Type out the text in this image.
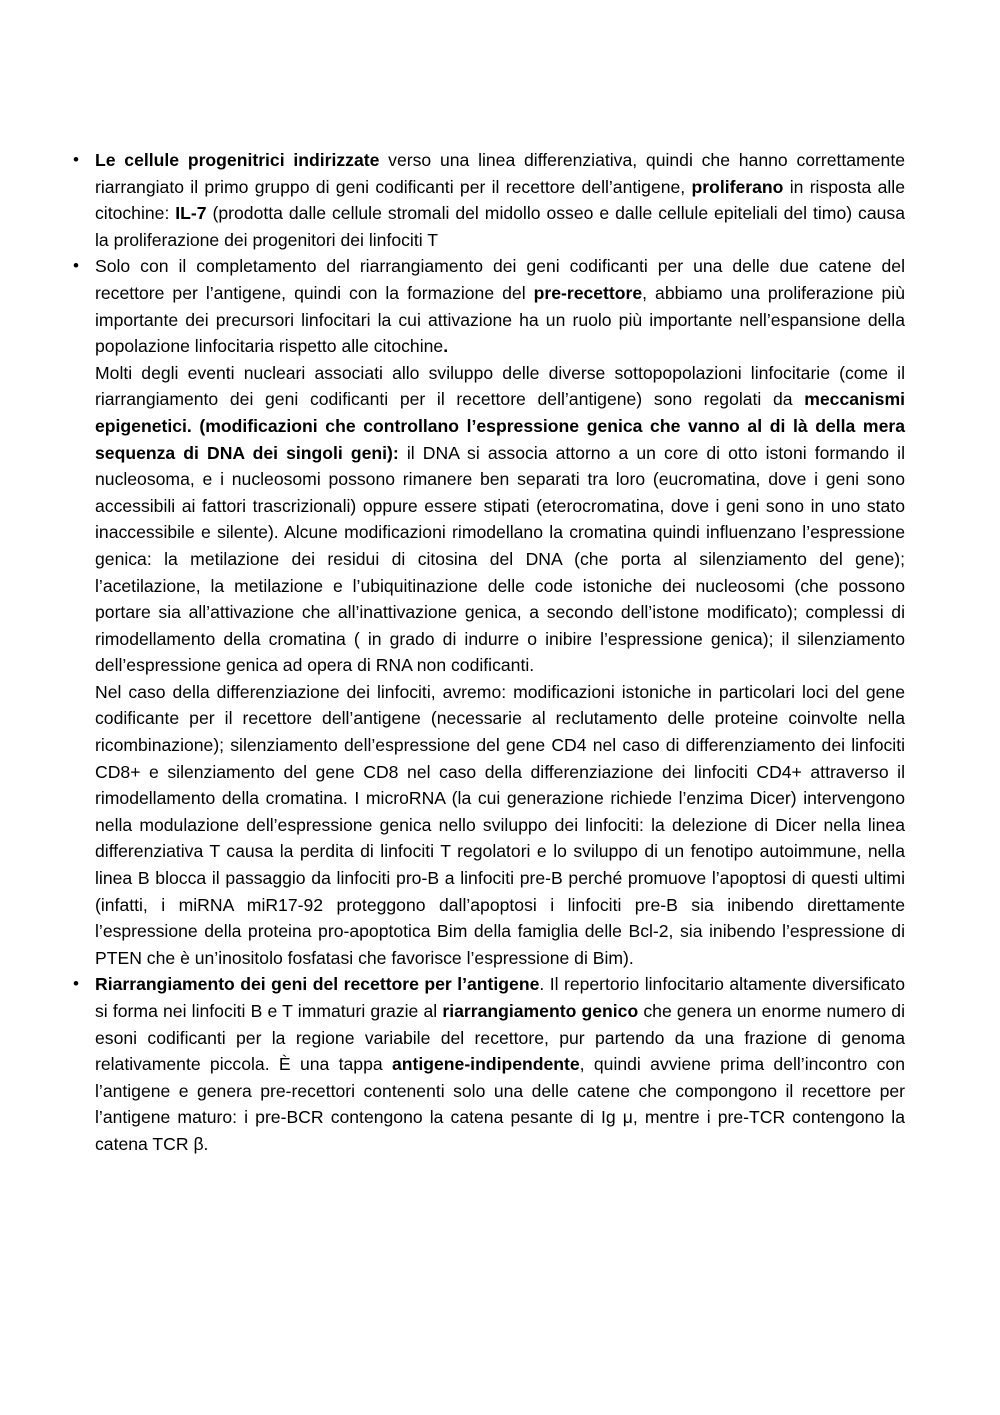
• Le cellule progenitrici indirizzate verso una linea differenziativa, quindi che hanno correttamente riarrangiato il primo gruppo di geni codificanti per il recettore dell’antigene, proliferano in risposta alle citochine: IL-7 (prodotta dalle cellule stromali del midollo osseo e dalle cellule epiteliali del timo) causa la proliferazione dei progenitori dei linfociti T

• Solo con il completamento del riarrangiamento dei geni codificanti per una delle due catene del recettore per l’antigene, quindi con la formazione del pre-recettore, abbiamo una proliferazione più importante dei precursori linfocitari la cui attivazione ha un ruolo più importante nell’espansione della popolazione linfocitaria rispetto alle citochine.

Molti degli eventi nucleari associati allo sviluppo delle diverse sottopopolazioni linfocitarie (come il riarrangiamento dei geni codificanti per il recettore dell’antigene) sono regolati da meccanismi epigenetici. (modificazioni che controllano l’espressione genica che vanno al di là della mera sequenza di DNA dei singoli geni): il DNA si associa attorno a un core di otto istoni formando il nucleosoma, e i nucleosomi possono rimanere ben separati tra loro (eucromatina, dove i geni sono accessibili ai fattori trascrizionali) oppure essere stipati (eterocromatina, dove i geni sono in uno stato inaccessibile e silente). Alcune modificazioni rimodellano la cromatina quindi influenzano l’espressione genica: la metilazione dei residui di citosina del DNA (che porta al silenziamento del gene); l’acetilazione, la metilazione e l’ubiquitinazione delle code istoniche dei nucleosomi (che possono portare sia all’attivazione che all’inattivazione genica, a secondo dell’istone modificato); complessi di rimodellamento della cromatina ( in grado di indurre o inibire l’espressione genica); il silenziamento dell’espressione genica ad opera di RNA non codificanti.

Nel caso della differenziazione dei linfociti, avremo: modificazioni istoniche in particolari loci del gene codificante per il recettore dell’antigene (necessarie al reclutamento delle proteine coinvolte nella ricombinazione); silenziamento dell’espressione del gene CD4 nel caso di differenziamento dei linfociti CD8+ e silenziamento del gene CD8 nel caso della differenziazione dei linfociti CD4+ attraverso il rimodellamento della cromatina. I microRNA (la cui generazione richiede l’enzima Dicer) intervengono nella modulazione dell’espressione genica nello sviluppo dei linfociti: la delezione di Dicer nella linea differenziativa T causa la perdita di linfociti T regolatori e lo sviluppo di un fenotipo autoimmune, nella linea B blocca il passaggio da linfociti pro-B a linfociti pre-B perché promuove l’apoptosi di questi ultimi (infatti, i miRNA miR17-92 proteggono dall’apoptosi i linfociti pre-B sia inibendo direttamente l’espressione della proteina pro-apoptotica Bim della famiglia delle Bcl-2, sia inibendo l’espressione di PTEN che è un’inositolo fosfatasi che favorisce l’espressione di Bim).

• Riarrangiamento dei geni del recettore per l’antigene. Il repertorio linfocitario altamente diversificato si forma nei linfociti B e T immaturi grazie al riarrangiamento genico che genera un enorme numero di esoni codificanti per la regione variabile del recettore, pur partendo da una frazione di genoma relativamente piccola. È una tappa antigene-indipendente, quindi avviene prima dell’incontro con l’antigene e genera pre-recettori contenenti solo una delle catene che compongono il recettore per l’antigene maturo: i pre-BCR contengono la catena pesante di Ig μ, mentre i pre-TCR contengono la catena TCR β.
